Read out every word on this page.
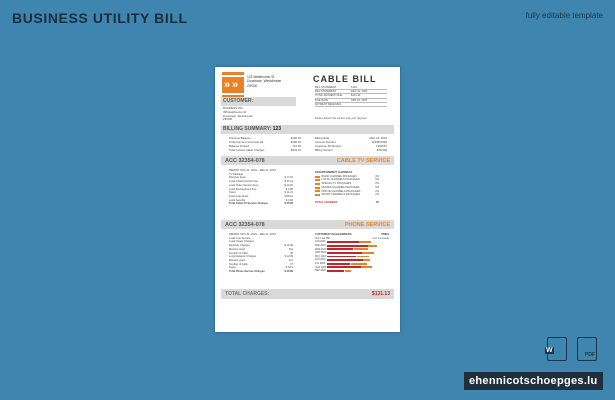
BUSINESS UTILITY BILL	fully editable template
» »
123 Westbourne St
Downtown, Westchester
ZIP000
CABLE BILL
BILL STATEMENT	1234
BILL STATEMENT	DEC 31, 2024
TOTAL PAYMENT DUE	$131.13
DUE DATE	APR 15, 2025
PAYMENT RECEIVED
CUSTOMER:
BUSINESS INC.
456 Eastbourne St.
Downtown, Westchester
ZIP000	Please detach this section with your payment
BILLING SUMMARY: 123
Previous Balance	$196.22
Total payment since last bill	$196.22
Balance forward	$ 0.00
Total Current Cable Charges	$131.13
Billing Date	DEC 24, 2024
Account Number	1234567890
Customer ID Number	1234567
Billing Section	$78,000
ACC 32354-078	CABLE TV SERVICE
PERIOD: NOV 01, 2023 – DEC 11, 2023
TV Package
Receiver Fees	$ 17.01
Local Listed Comfort Fee	$ 23.11
Local Video Service Fees	$ 23.22
Local Development Fee	$ 4.88
Taxes	$ 11.21
Taxes Late Dues	$ 88.22
Local benefits	$ 0.00
Total Cable TV Service Charges	$ 35.82
ENTERTAINMENT CHANNELS
ROAD CHANNEL PACKAGES	3%
LOCAL CHANNELS PACKAGES	5%
SPECIAL TV PACKAGES	2%
MOVIES CHANNEL PACKAGES	5%
NATIVE CHANNELS PACKAGES	2%
SPORT CHANNELS PACKAGES	2%
TOTAL CHARGES:	$5
ACC 32354-078	PHONE SERVICE
PERIOD: NOV 01, 2023 – DEC 11, 2023
Local Line Service
Local Usage Charges
Receiver Charges	$ 12.99
Minutes Used	211
Number of Calls	36
Long Distance Charges	$ 12.99
Minutes Used	211
Number of Calls	37
Taxes	$ 18.9
Total Phone Service Charges	$ 35.89
CUSTOMER USAGE/ORDERS	TIMES
Incl. Last Bill	Incl. 12-month
JAN 2023
FEB 2023
MAR 2023
APR 2023
MAY 2023
JUN 2023
JUL 2023
AUG 2023
SEP 2023
TOTAL CHARGES:	$131.13
W
PDF
ehennicotschoepges.lu
